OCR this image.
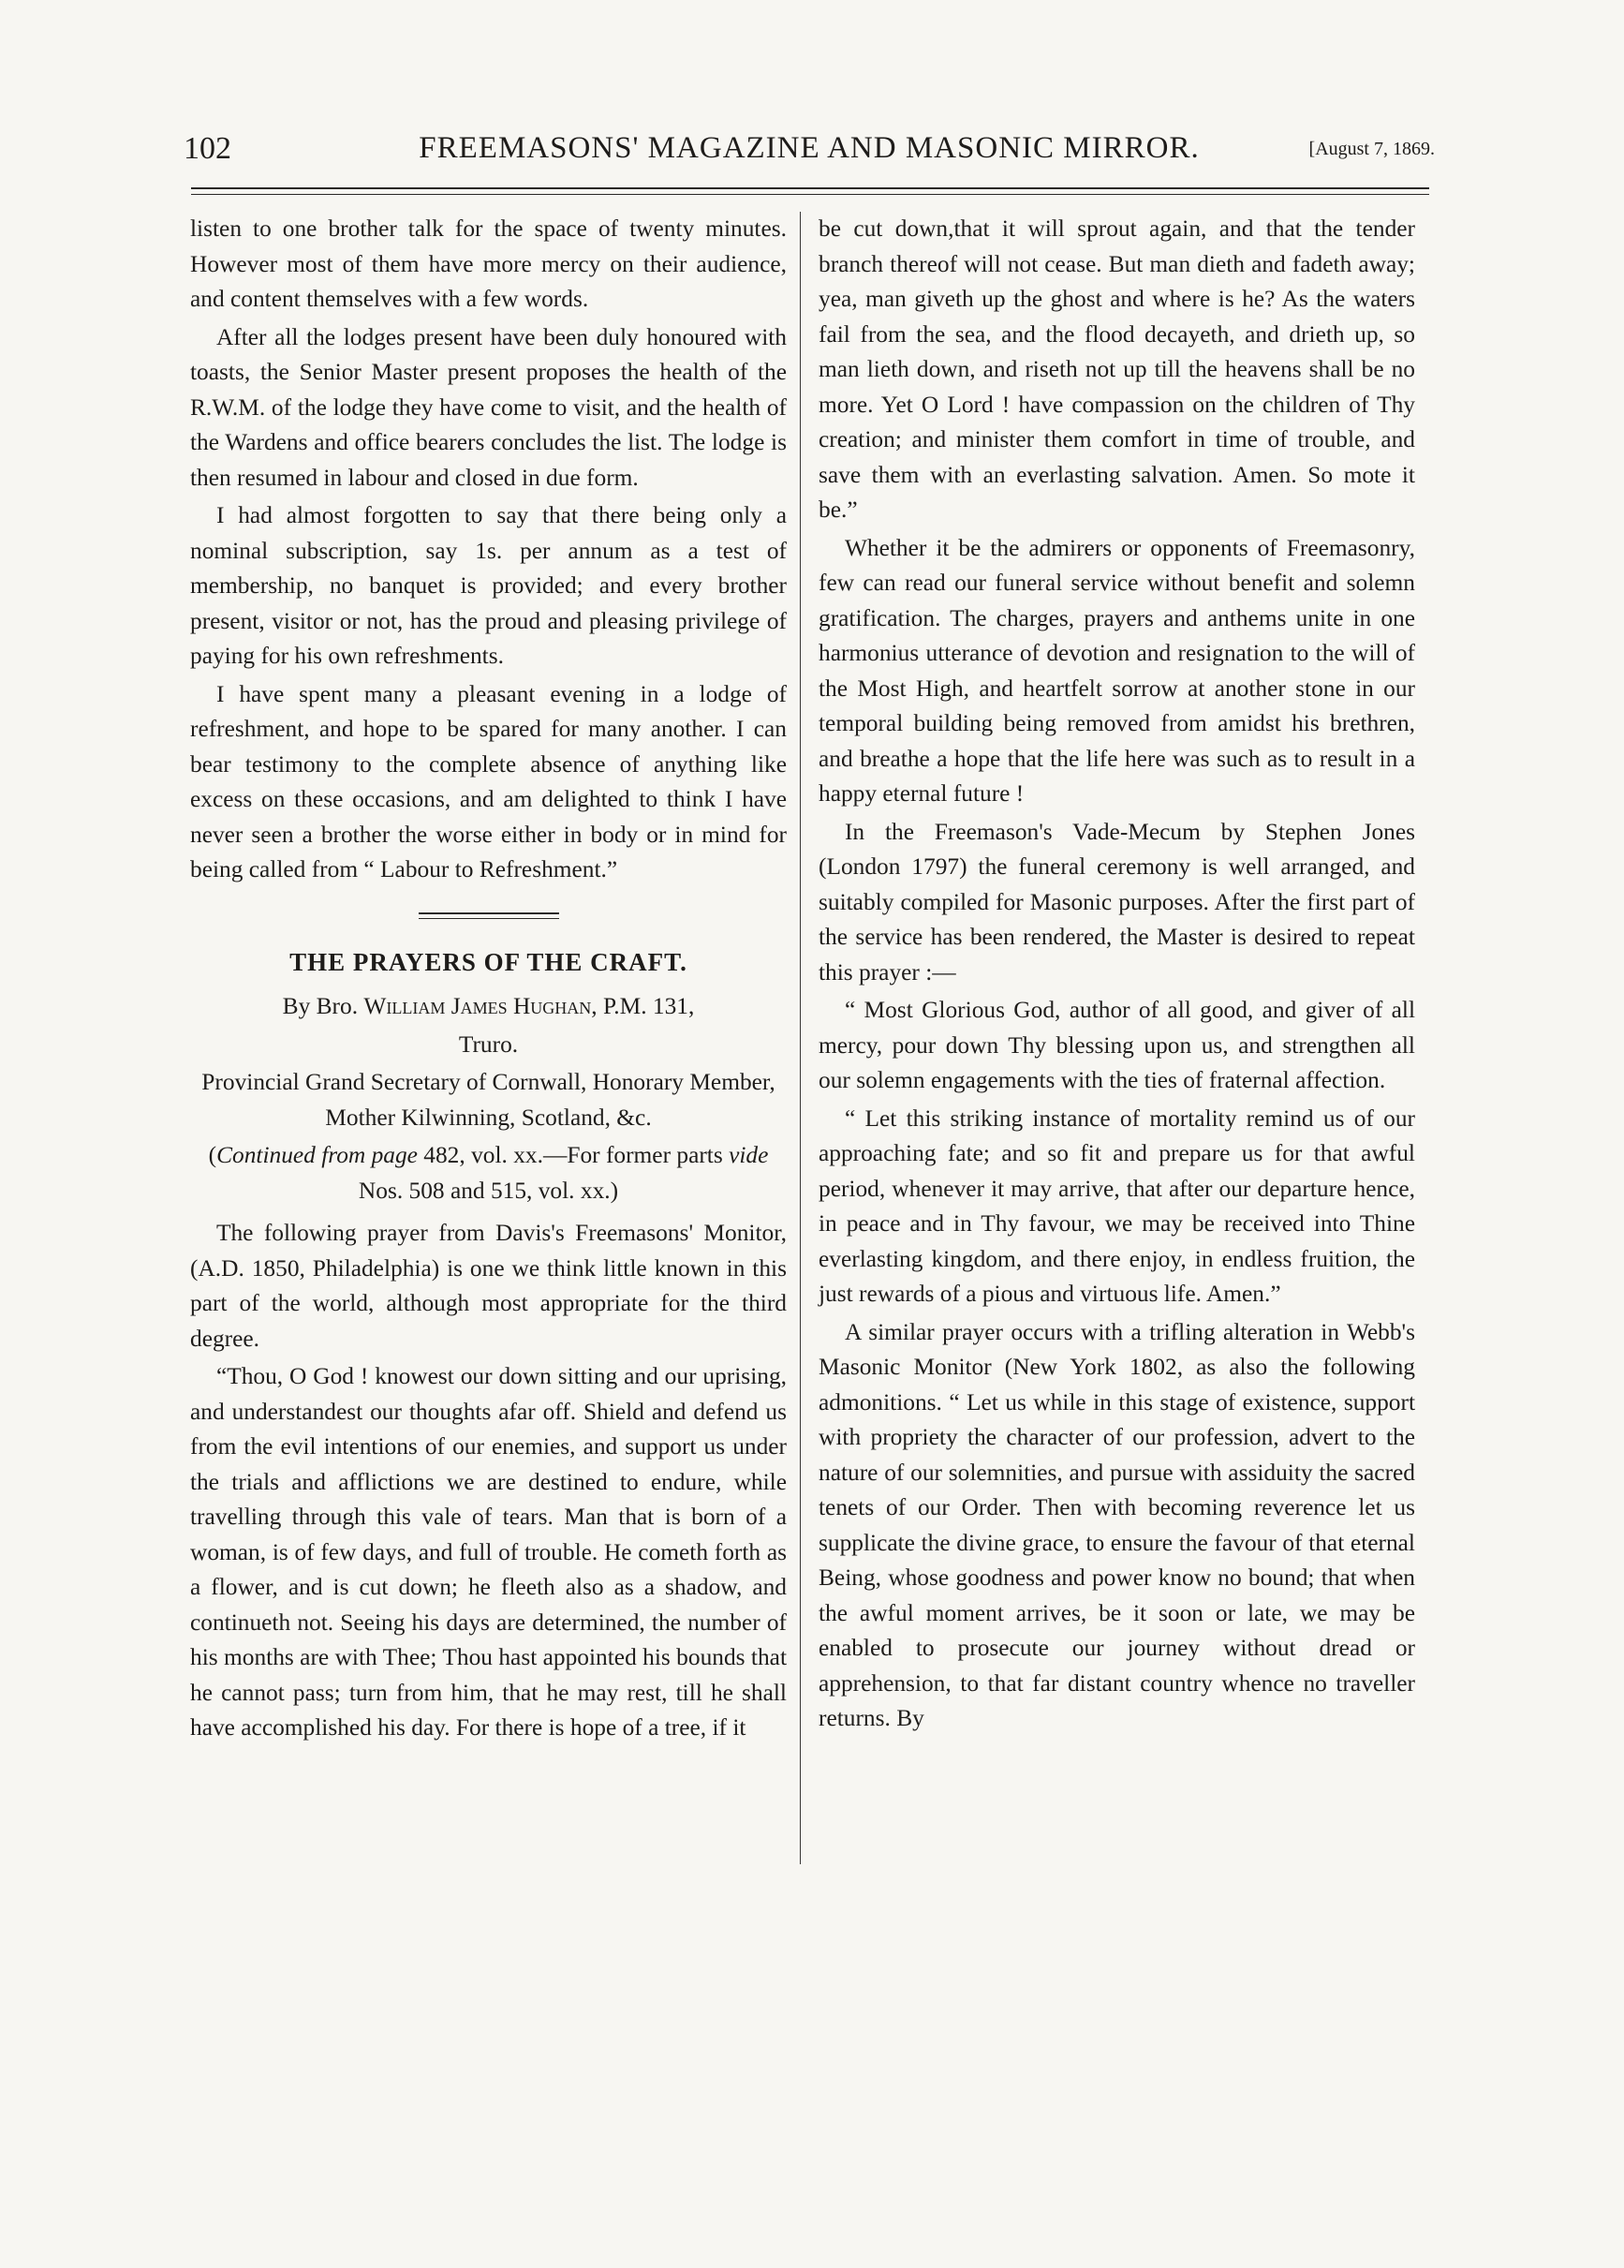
102	FREEMASONS' MAGAZINE AND MASONIC MIRROR.	[August 7, 1869.

listen to one brother talk for the space of twenty minutes. However most of them have more mercy on their audience, and content themselves with a few words.

After all the lodges present have been duly honoured with toasts, the Senior Master present proposes the health of the R.W.M. of the lodge they have come to visit, and the health of the Wardens and office bearers concludes the list. The lodge is then resumed in labour and closed in due form.

I had almost forgotten to say that there being only a nominal subscription, say 1s. per annum as a test of membership, no banquet is provided; and every brother present, visitor or not, has the proud and pleasing privilege of paying for his own refreshments.

I have spent many a pleasant evening in a lodge of refreshment, and hope to be spared for many another. I can bear testimony to the complete absence of anything like excess on these occasions, and am delighted to think I have never seen a brother the worse either in body or in mind for being called from “ Labour to Refreshment.”

THE PRAYERS OF THE CRAFT.

By Bro. William James Hughan, P.M. 131,

Truro.

Provincial Grand Secretary of Cornwall, Honorary Member, Mother Kilwinning, Scotland, &c.

(Continued from page 482, vol. xx.—For former parts vide Nos. 508 and 515, vol. xx.)

The following prayer from Davis's Freemasons' Monitor, (A.D. 1850, Philadelphia) is one we think little known in this part of the world, although most appropriate for the third degree.

“Thou, O God ! knowest our down sitting and our uprising, and understandest our thoughts afar off. Shield and defend us from the evil intentions of our enemies, and support us under the trials and afflictions we are destined to endure, while travelling through this vale of tears. Man that is born of a woman, is of few days, and full of trouble. He cometh forth as a flower, and is cut down; he fleeth also as a shadow, and continueth not. Seeing his days are determined, the number of his months are with Thee; Thou hast appointed his bounds that he cannot pass; turn from him, that he may rest, till he shall have accomplished his day. For there is hope of a tree, if it

be cut down,that it will sprout again, and that the tender branch thereof will not cease. But man dieth and fadeth away; yea, man giveth up the ghost and where is he? As the waters fail from the sea, and the flood decayeth, and drieth up, so man lieth down, and riseth not up till the heavens shall be no more. Yet O Lord ! have compassion on the children of Thy creation; and minister them comfort in time of trouble, and save them with an everlasting salvation. Amen. So mote it be.”

Whether it be the admirers or opponents of Freemasonry, few can read our funeral service without benefit and solemn gratification. The charges, prayers and anthems unite in one harmonius utterance of devotion and resignation to the will of the Most High, and heartfelt sorrow at another stone in our temporal building being removed from amidst his brethren, and breathe a hope that the life here was such as to result in a happy eternal future !

In the Freemason's Vade-Mecum by Stephen Jones (London 1797) the funeral ceremony is well arranged, and suitably compiled for Masonic purposes. After the first part of the service has been rendered, the Master is desired to repeat this prayer :—

“ Most Glorious God, author of all good, and giver of all mercy, pour down Thy blessing upon us, and strengthen all our solemn engagements with the ties of fraternal affection.

“ Let this striking instance of mortality remind us of our approaching fate; and so fit and prepare us for that awful period, whenever it may arrive, that after our departure hence, in peace and in Thy favour, we may be received into Thine everlasting kingdom, and there enjoy, in endless fruition, the just rewards of a pious and virtuous life. Amen.”

A similar prayer occurs with a trifling alteration in Webb's Masonic Monitor (New York 1802, as also the following admonitions. “ Let us while in this stage of existence, support with propriety the character of our profession, advert to the nature of our solemnities, and pursue with assiduity the sacred tenets of our Order. Then with becoming reverence let us supplicate the divine grace, to ensure the favour of that eternal Being, whose goodness and power know no bound; that when the awful moment arrives, be it soon or late, we may be enabled to prosecute our journey without dread or apprehension, to that far distant country whence no traveller returns. By
